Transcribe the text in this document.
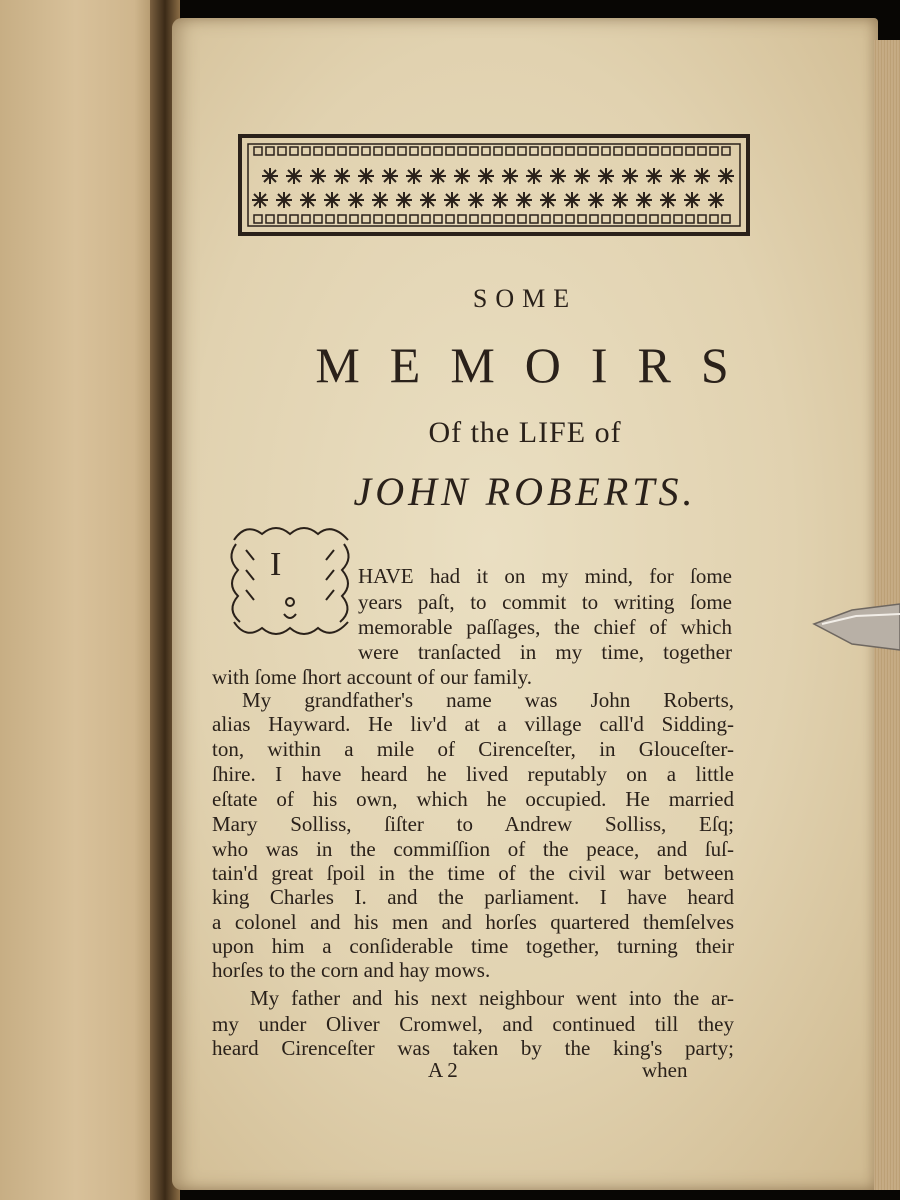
SOME
MEMOIRS
Of the LIFE of
JOHN ROBERTS.
I	HAVE had it on my mind, for ſome
years paſt, to commit to writing ſome
memorable paſſages, the chief of which
were tranſacted in my time, together
with ſome ſhort account of our family.
My grandfather's name was John Roberts,
alias Hayward. He liv'd at a village call'd Sidding-
ton, within a mile of Cirenceſter, in Glouceſter-
ſhire. I have heard he lived reputably on a little
eſtate of his own, which he occupied. He married
Mary Solliss, ſiſter to Andrew Solliss, Eſq;
who was in the commiſſion of the peace, and ſuſ-
tain'd great ſpoil in the time of the civil war between
king Charles I. and the parliament. I have heard
a colonel and his men and horſes quartered themſelves
upon him a conſiderable time together, turning their
horſes to the corn and hay mows.
My father and his next neighbour went into the ar-
my under Oliver Cromwel, and continued till they
heard Cirenceſter was taken by the king's party;
A 2	when
